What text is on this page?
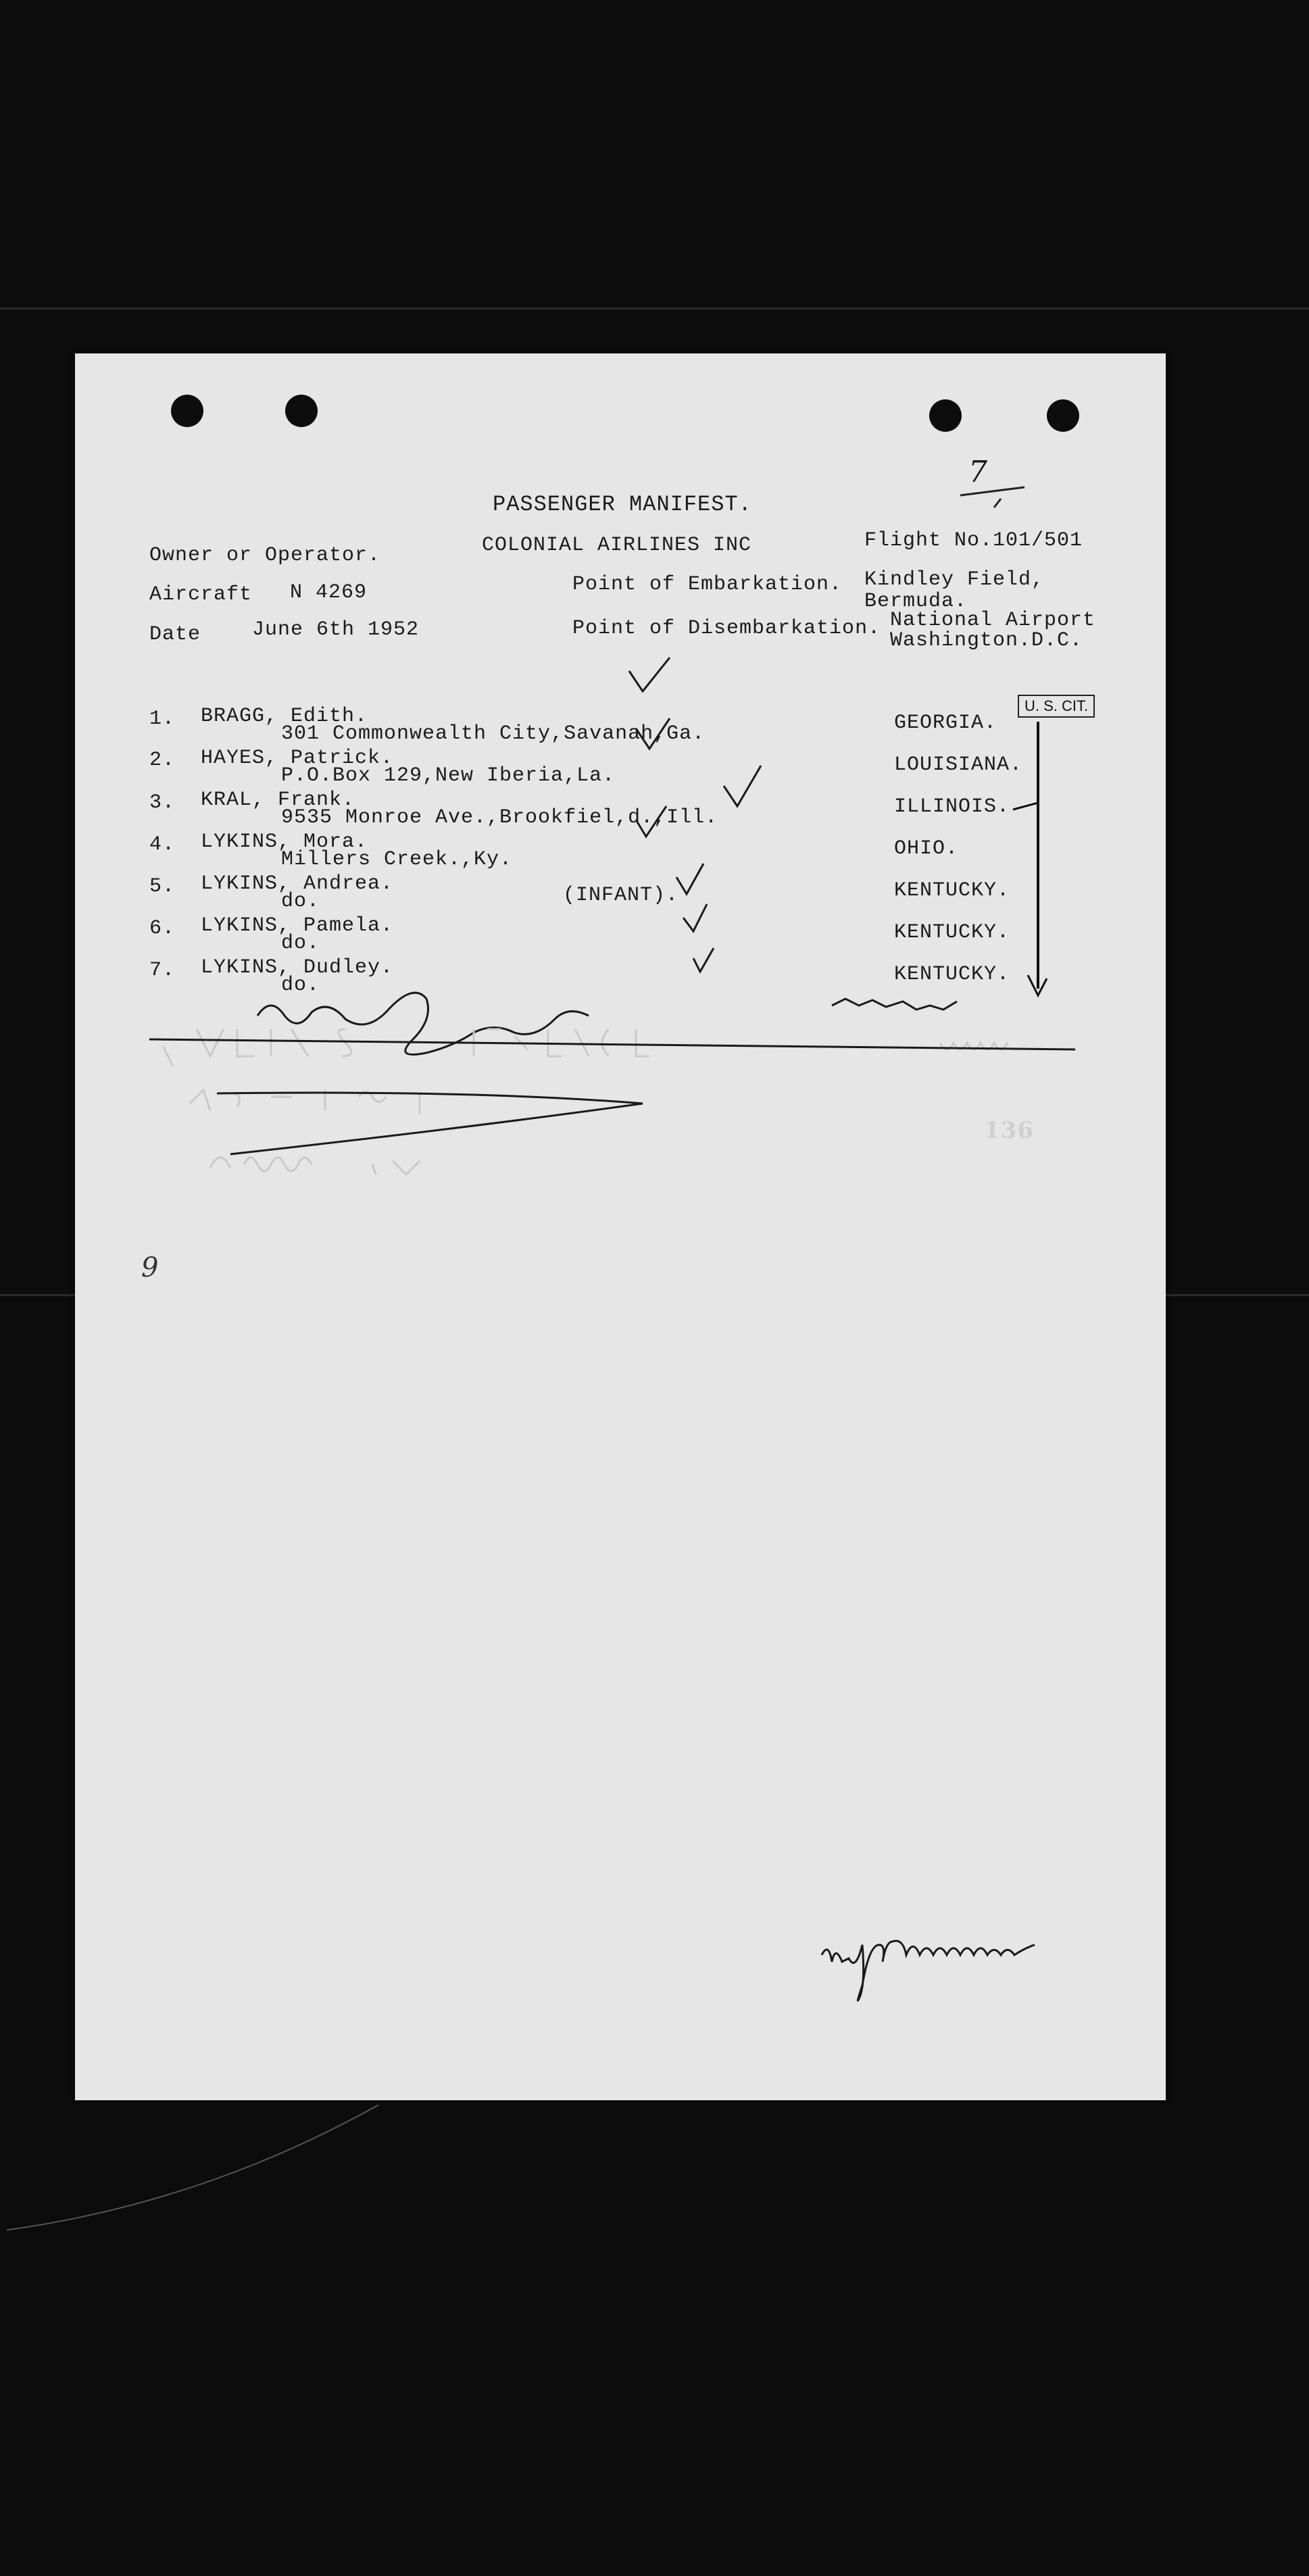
7
PASSENGER MANIFEST.
Owner or Operator.	COLONIAL AIRLINES INC	Flight No.101/501
Aircraft N 4269	Point of Embarkation. Kindley Field,
Bermuda.
Date	June 6th 1952	Point of Disembarkation. National Airport
Washington.D.C.
U. S. CIT.
1. BRAGG, Edith.
301 Commonwealth City,Savanah,Ga.	GEORGIA.
2. HAYES, Patrick.
P.O.Box 129,New Iberia,La.	LOUISIANA.
3. KRAL, Frank.
9535 Monroe Ave.,Brookfiel,d.,Ill.	ILLINOIS.
4. LYKINS, Mora.
Millers Creek.,Ky.	OHIO.
5. LYKINS, Andrea.
do.	(INFANT).	KENTUCKY.
6. LYKINS, Pamela.
do.	KENTUCKY.
7. LYKINS, Dudley.
do.	KENTUCKY.
9
136
